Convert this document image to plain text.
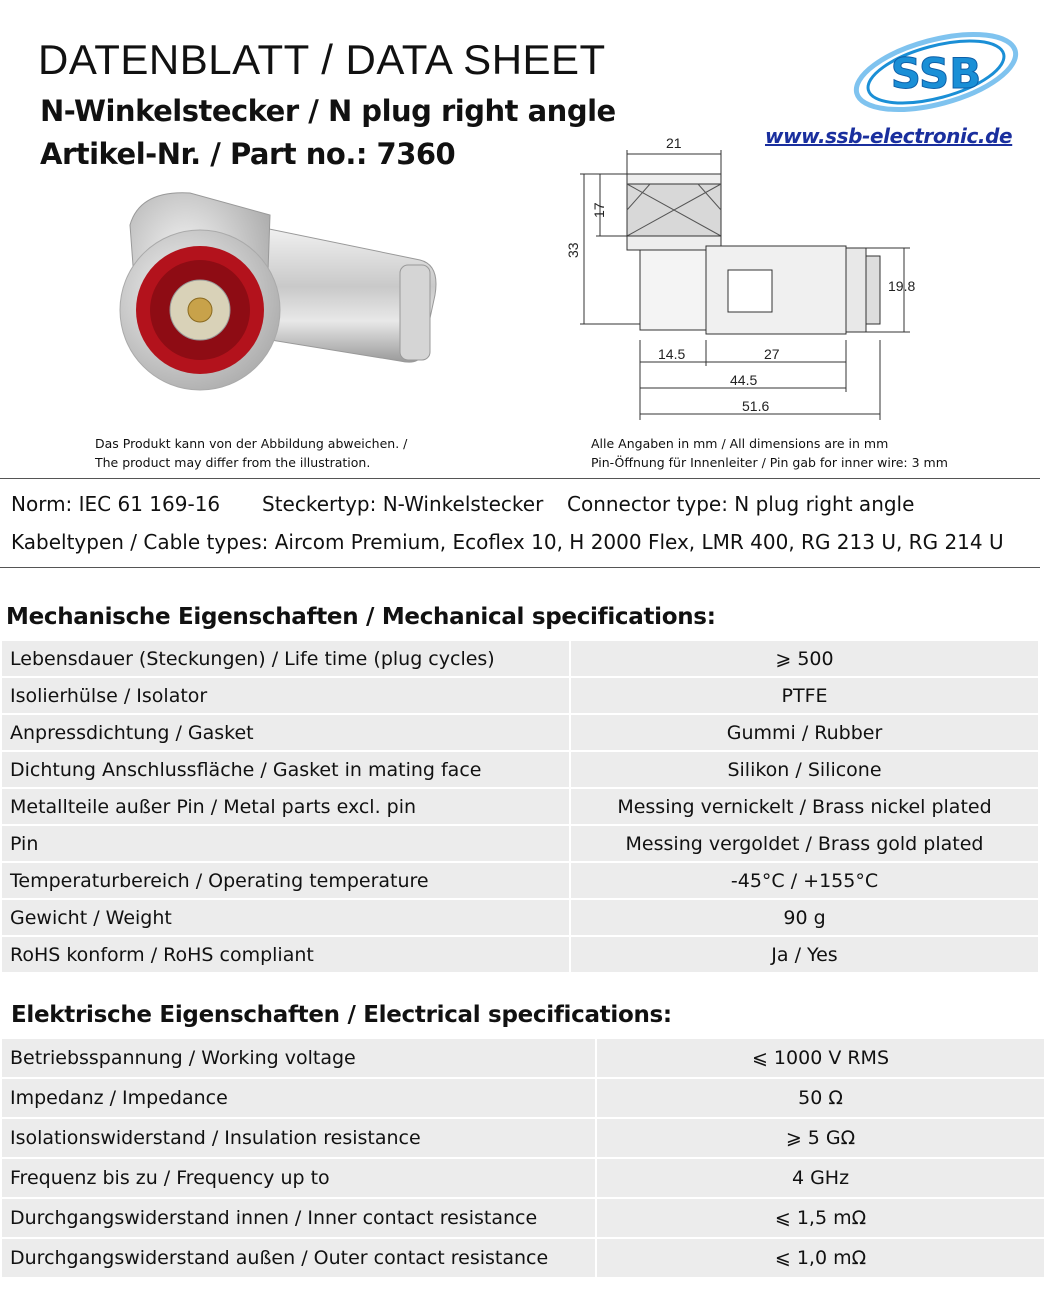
DATENBLATT / DATA SHEET
N-Winkelstecker / N plug right angle
Artikel-Nr. / Part no.: 7360
SSB
www.ssb-electronic.de
21
17
33
19.8
14.5	27
44.5
51.6
Das Produkt kann von der Abbildung abweichen. /
The product may differ from the illustration.
Alle Angaben in mm / All dimensions are in mm
Pin-Öffnung für Innenleiter / Pin gab for inner wire: 3 mm
Norm: IEC 61 169-16 Steckertyp: N-Winkelstecker Connector type: N plug right angle
Kabeltypen / Cable types: Aircom Premium, Ecoflex 10, H 2000 Flex, LMR 400, RG 213 U, RG 214 U
Mechanische Eigenschaften / Mechanical specifications:
Lebensdauer (Steckungen) / Life time (plug cycles)	⩾ 500
Isolierhülse / Isolator	PTFE
Anpressdichtung / Gasket	Gummi / Rubber
Dichtung Anschlussfläche / Gasket in mating face	Silikon / Silicone
Metallteile außer Pin / Metal parts excl. pin	Messing vernickelt / Brass nickel plated
Pin	Messing vergoldet / Brass gold plated
Temperaturbereich / Operating temperature	-45°C / +155°C
Gewicht / Weight	90 g
RoHS konform / RoHS compliant	Ja / Yes
Elektrische Eigenschaften / Electrical specifications:
Betriebsspannung / Working voltage	⩽ 1000 V RMS
Impedanz / Impedance	50 Ω
Isolationswiderstand / Insulation resistance	⩾ 5 GΩ
Frequenz bis zu / Frequency up to	4 GHz
Durchgangswiderstand innen / Inner contact resistance	⩽ 1,5 mΩ
Durchgangswiderstand außen / Outer contact resistance	⩽ 1,0 mΩ
